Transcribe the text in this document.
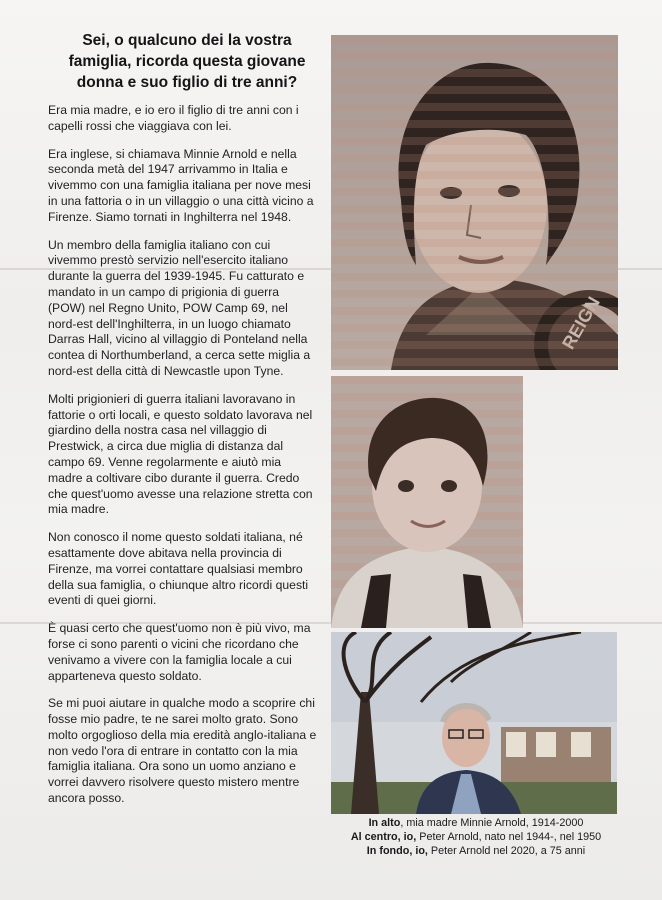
Sei, o qualcuno dei la vostra famiglia, ricorda questa giovane donna e suo figlio di tre anni?

Era mia madre, e io ero il figlio di tre anni con i capelli rossi che viaggiava con lei.

Era inglese, si chiamava Minnie Arnold e nella seconda metà del 1947 arrivammo in Italia e vivemmo con una famiglia italiana per nove mesi in una fattoria o in un villaggio o una città vicino a Firenze. Siamo tornati in Inghilterra nel 1948.

Un membro della famiglia italiano con cui vivemmo prestò servizio nell'esercito italiano durante la guerra del 1939-1945. Fu catturato e mandato in un campo di prigionia di guerra (POW) nel Regno Unito, POW Camp 69, nel nord-est dell'Inghilterra, in un luogo chiamato Darras Hall, vicino al villaggio di Ponteland nella contea di Northumberland, a cerca sette miglia a nord-est della città di Newcastle upon Tyne.

Molti prigionieri di guerra italiani lavoravano in fattorie o orti locali, e questo soldato lavorava nel giardino della nostra casa nel villaggio di Prestwick, a circa due miglia di distanza dal campo 69. Venne regolarmente e aiutò mia madre a coltivare cibo durante il guerra. Credo che quest'uomo avesse una relazione stretta con mia madre.

Non conosco il nome questo soldati italiana, né esattamente dove abitava nella provincia di Firenze, ma vorrei contattare qualsiasi membro della sua famiglia, o chiunque altro ricordi questi eventi di quei giorni.

È quasi certo che quest'uomo non è più vivo, ma forse ci sono parenti o vicini che ricordano che venivamo a vivere con la famiglia locale a cui apparteneva questo soldato.

Se mi puoi aiutare in qualche modo a scoprire chi fosse mio padre, te ne sarei molto grato. Sono molto orgoglioso della mia eredità anglo-italiana e non vedo l'ora di entrare in contatto con la mia famiglia italiana. Ora sono un uomo anziano e vorrei davvero risolvere questo mistero mentre ancora posso.

In alto, mia madre Minnie Arnold, 1914-2000
Al centro, io, Peter Arnold, nato nel 1944-, nel 1950
In fondo, io, Peter Arnold nel 2020, a 75 anni
